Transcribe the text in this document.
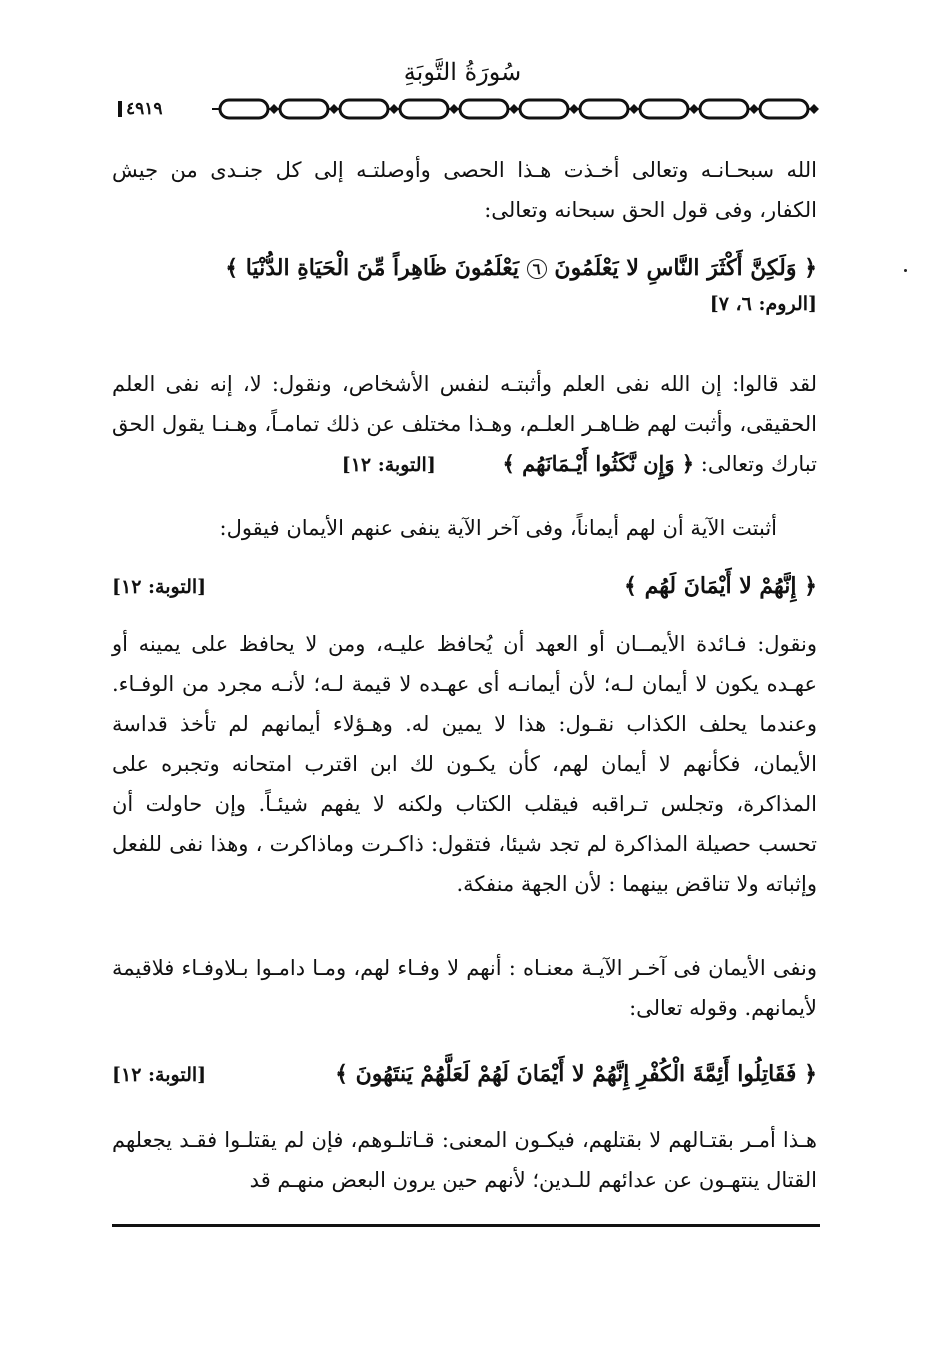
سُورَةُ التَّوبَةِ
٤٩١٩

الله سبحـانـه وتعالى أخـذت هـذا الحصى وأوصلتـه إلى كل جنـدى من جيش الكفار، وفى قول الحق سبحانه وتعالى:

﴿ وَلَكِنَّ أَكْثَرَ النَّاسِ لا يَعْلَمُونَ ٦ يَعْلَمُونَ ظَاهِراً مِّنَ الْحَيَاةِ الدُّنْيَا ﴾
[الروم: ٦، ٧]

لقد قالوا: إن الله نفى العلم وأثبتـه لنفس الأشخاص، ونقول: لا، إنه نفى العلم الحقيقى، وأثبت لهم ظـاهـر العلـم، وهـذا مختلف عن ذلك تمامـاً، وهـنـا يقول الحق تبارك وتعالى: ﴿ وَإِن نَّكَثُوا أَيْـمَانَهُم ﴾ [التوبة: ١٢]

أثبتت الآية أن لهم أيماناً، وفى آخر الآية ينفى عنهم الأيمان فيقول:

﴿ إِنَّهُمْ لا أَيْمَانَ لَهُم ﴾
[التوبة: ١٢]

ونقول: فـائدة الأيمــان أو العهد أن يُحافظ عليـه، ومن لا يحافظ على يمينه أو عهـده يكون لا أيمان لـه؛ لأن أيمانـه أى عهـده لا قيمة لـه؛ لأنـه مجرد من الوفـاء. وعندما يحلف الكذاب نقـول: هذا لا يمين له. وهـؤلاء أيمانهم لم تأخذ قداسة الأيمان، فكأنهم لا أيمان لهم، كأن يكـون لك ابن اقترب امتحانه وتجبره على المذاكرة، وتجلس تـراقبه فيقلب الكتاب ولكنه لا يفهم شيئـاً. وإن حاولت أن تحسب حصيلة المذاكرة لم تجد شيئا، فتقول: ذاكـرت وماذاكرت ، وهذا نفى للفعل وإثباته ولا تناقض بينهما : لأن الجهة منفكة.

ونفى الأيمان فى آخـر الآيـة معنـاه : أنهم لا وفـاء لهم، ومـا دامـوا بـلاوفـاء فلاقيمة لأيمانهم. وقوله تعالى:

﴿ فَقَاتِلُوا أَئِمَّةَ الْكُفْرِ إِنَّهُمْ لا أَيْمَانَ لَهُمْ لَعَلَّهُمْ يَنتَهُونَ ﴾
[التوبة: ١٢]

هـذا أمـر بقتـالهم لا بقتلهم، فيكـون المعنى: قـاتلـوهم، فإن لم يقتلـوا فقـد يجعلهم القتال ينتهـون عن عدائهم للـدين؛ لأنهم حين يرون البعض منهـم قد
